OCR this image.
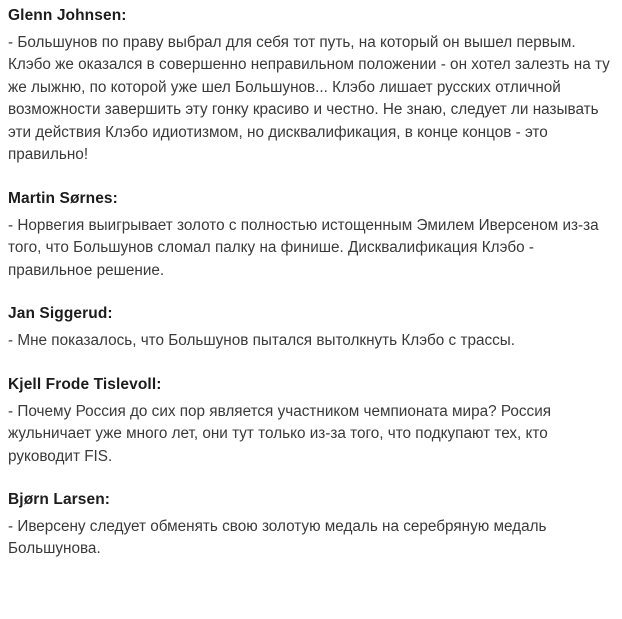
Glenn Johnsen:
- Большунов по праву выбрал для себя тот путь, на который он вышел первым. Клэбо же оказался в совершенно неправильном положении - он хотел залезть на ту же лыжню, по которой уже шел Большунов... Клэбо лишает русских отличной возможности завершить эту гонку красиво и честно. Не знаю, следует ли называть эти действия Клэбо идиотизмом, но дисквалификация, в конце концов - это правильно!
Martin Sørnes:
- Норвегия выигрывает золото с полностью истощенным Эмилем Иверсеном из-за того, что Большунов сломал палку на финише. Дисквалификация Клэбо - правильное решение.
Jan Siggerud:
- Мне показалось, что Большунов пытался вытолкнуть Клэбо с трассы.
Kjell Frode Tislevoll:
- Почему Россия до сих пор является участником чемпионата мира? Россия жульничает уже много лет, они тут только из-за того, что подкупают тех, кто руководит FIS.
Bjørn Larsen:
- Иверсену следует обменять свою золотую медаль на серебряную медаль Большунова.
